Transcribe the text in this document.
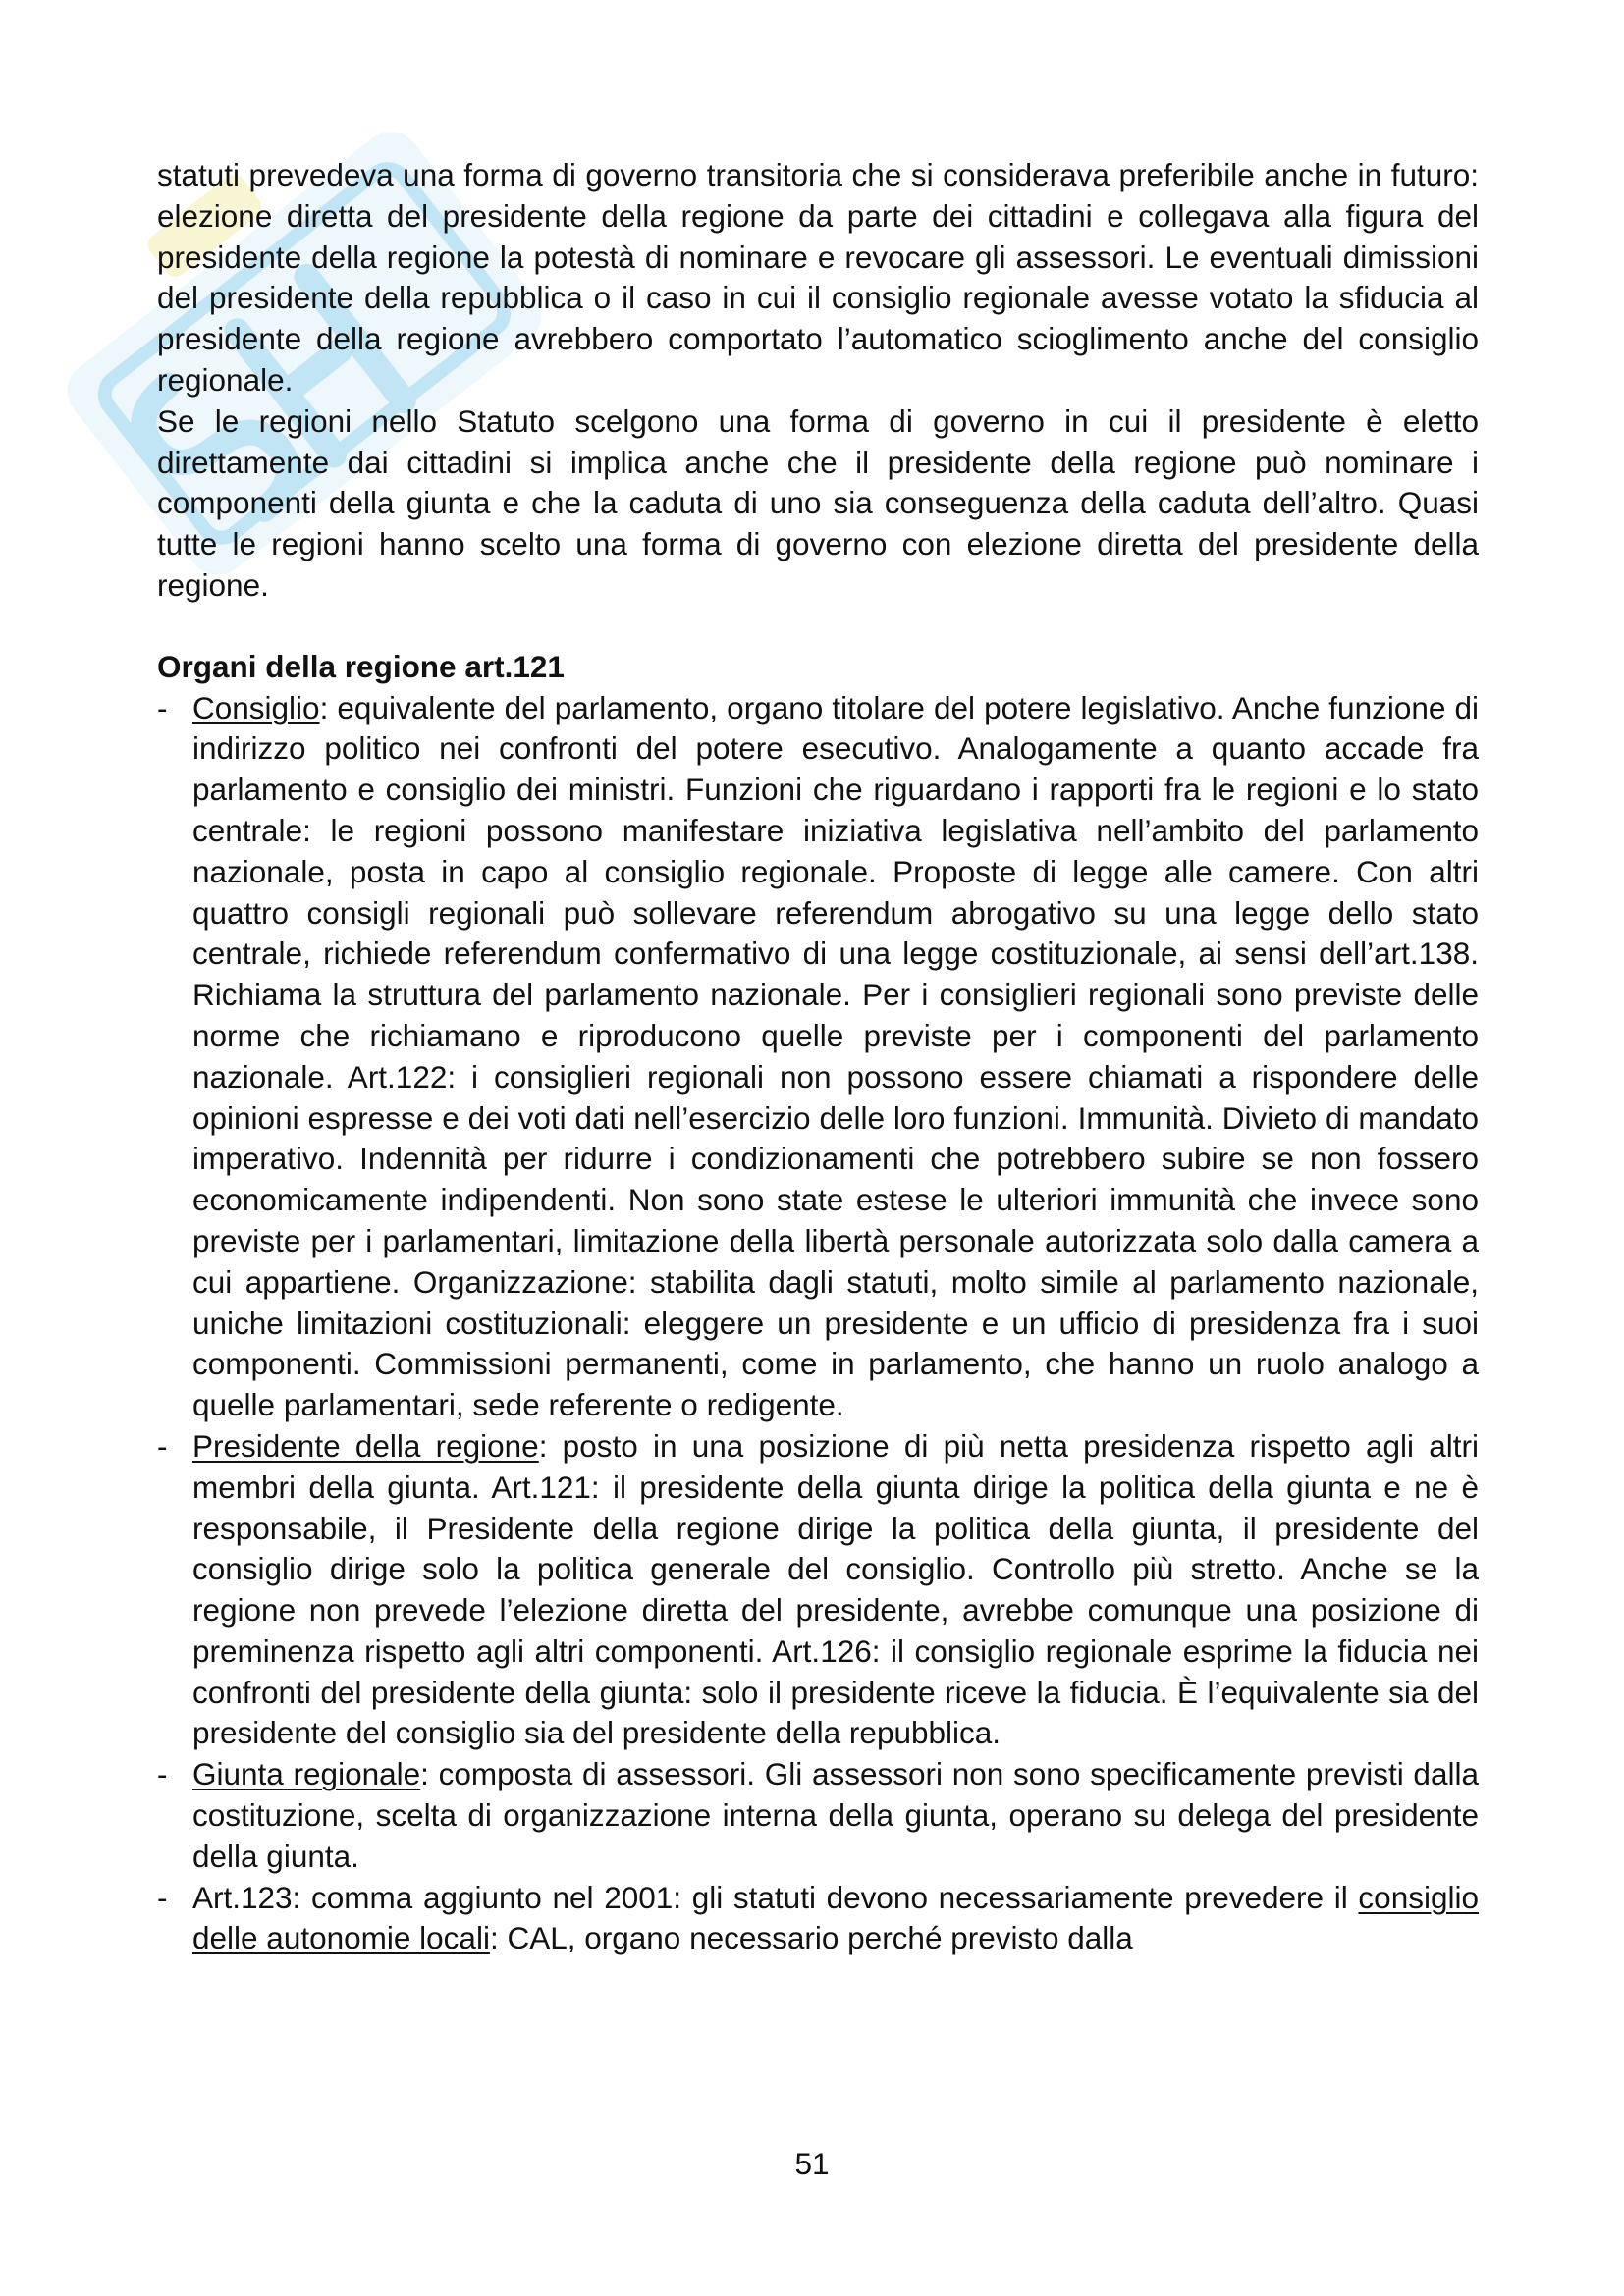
statuti prevedeva una forma di governo transitoria che si considerava preferibile anche in futuro: elezione diretta del presidente della regione da parte dei cittadini e collegava alla figura del presidente della regione la potestà di nominare e revocare gli assessori. Le eventuali dimissioni del presidente della repubblica o il caso in cui il consiglio regionale avesse votato la sfiducia al presidente della regione avrebbero comportato l’automatico scioglimento anche del consiglio regionale.

Se le regioni nello Statuto scelgono una forma di governo in cui il presidente è eletto direttamente dai cittadini si implica anche che il presidente della regione può nominare i componenti della giunta e che la caduta di uno sia conseguenza della caduta dell’altro. Quasi tutte le regioni hanno scelto una forma di governo con elezione diretta del presidente della regione.

Organi della regione art.121

- Consiglio: equivalente del parlamento, organo titolare del potere legislativo. Anche funzione di indirizzo politico nei confronti del potere esecutivo. Analogamente a quanto accade fra parlamento e consiglio dei ministri. Funzioni che riguardano i rapporti fra le regioni e lo stato centrale: le regioni possono manifestare iniziativa legislativa nell’ambito del parlamento nazionale, posta in capo al consiglio regionale. Proposte di legge alle camere. Con altri quattro consigli regionali può sollevare referendum abrogativo su una legge dello stato centrale, richiede referendum confermativo di una legge costituzionale, ai sensi dell’art.138. Richiama la struttura del parlamento nazionale. Per i consiglieri regionali sono previste delle norme che richiamano e riproducono quelle previste per i componenti del parlamento nazionale. Art.122: i consiglieri regionali non possono essere chiamati a rispondere delle opinioni espresse e dei voti dati nell’esercizio delle loro funzioni. Immunità. Divieto di mandato imperativo. Indennità per ridurre i condizionamenti che potrebbero subire se non fossero economicamente indipendenti. Non sono state estese le ulteriori immunità che invece sono previste per i parlamentari, limitazione della libertà personale autorizzata solo dalla camera a cui appartiene. Organizzazione: stabilita dagli statuti, molto simile al parlamento nazionale, uniche limitazioni costituzionali: eleggere un presidente e un ufficio di presidenza fra i suoi componenti. Commissioni permanenti, come in parlamento, che hanno un ruolo analogo a quelle parlamentari, sede referente o redigente.
- Presidente della regione: posto in una posizione di più netta presidenza rispetto agli altri membri della giunta. Art.121: il presidente della giunta dirige la politica della giunta e ne è responsabile, il Presidente della regione dirige la politica della giunta, il presidente del consiglio dirige solo la politica generale del consiglio. Controllo più stretto. Anche se la regione non prevede l’elezione diretta del presidente, avrebbe comunque una posizione di preminenza rispetto agli altri componenti. Art.126: il consiglio regionale esprime la fiducia nei confronti del presidente della giunta: solo il presidente riceve la fiducia. È l’equivalente sia del presidente del consiglio sia del presidente della repubblica.
- Giunta regionale: composta di assessori. Gli assessori non sono specificamente previsti dalla costituzione, scelta di organizzazione interna della giunta, operano su delega del presidente della giunta.
- Art.123: comma aggiunto nel 2001: gli statuti devono necessariamente prevedere il consiglio delle autonomie locali: CAL, organo necessario perché previsto dalla
51
